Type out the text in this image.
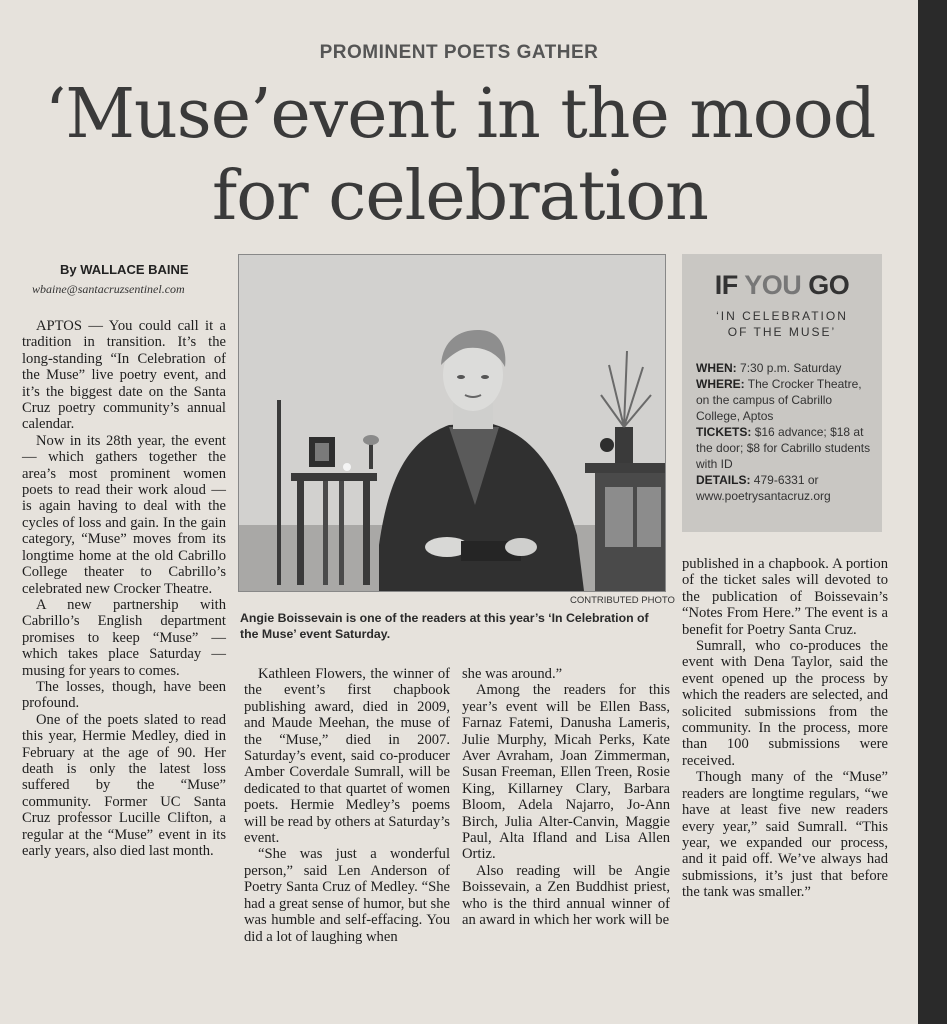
PROMINENT POETS GATHER
‘Muse’event in the mood
for celebration
By WALLACE BAINE
wbaine@santacruzsentinel.com

APTOS — You could call it a tradition in transition. It’s the long-standing “In Celebration of the Muse” live poetry event, and it’s the biggest date on the Santa Cruz poetry community’s annual calendar.

Now in its 28th year, the event — which gathers together the area’s most prominent women poets to read their work aloud — is again having to deal with the cycles of loss and gain. In the gain category, “Muse” moves from its longtime home at the old Cabrillo College theater to Cabrillo’s celebrated new Crocker Theatre.

A new partnership with Cabrillo’s English department promises to keep “Muse” — which takes place Saturday — musing for years to comes.

The losses, though, have been profound.

One of the poets slated to read this year, Hermie Medley, died in February at the age of 90. Her death is only the latest loss suffered by the “Muse” community. Former UC Santa Cruz professor Lucille Clifton, a regular at the “Muse” event in its early years, also died last month.

CONTRIBUTED PHOTO
Angie Boissevain is one of the readers at this year’s ‘In Celebration of the Muse’ event Saturday.

Kathleen Flowers, the winner of the event’s first chapbook publishing award, died in 2009, and Maude Meehan, the muse of the “Muse,” died in 2007. Saturday’s event, said co-producer Amber Coverdale Sumrall, will be dedicated to that quartet of women poets. Hermie Medley’s poems will be read by others at Saturday’s event.

“She was just a wonderful person,” said Len Anderson of Poetry Santa Cruz of Medley. “She had a great sense of humor, but she was humble and self-effacing. You did a lot of laughing when

she was around.”

Among the readers for this year’s event will be Ellen Bass, Farnaz Fatemi, Danusha Lameris, Julie Murphy, Micah Perks, Kate Aver Avraham, Joan Zimmerman, Susan Freeman, Ellen Treen, Rosie King, Killarney Clary, Barbara Bloom, Adela Najarro, Jo-Ann Birch, Julia Alter-Canvin, Maggie Paul, Alta Ifland and Lisa Allen Ortiz.

Also reading will be Angie Boissevain, a Zen Buddhist priest, who is the third annual winner of an award in which her work will be

IF YOU GO
‘IN CELEBRATION
OF THE MUSE’
WHEN: 7:30 p.m. Saturday
WHERE: The Crocker Theatre, on the campus of Cabrillo College, Aptos
TICKETS: $16 advance; $18 at the door; $8 for Cabrillo students with ID
DETAILS: 479-6331 or www.poetrysantacruz.org

published in a chapbook. A portion of the ticket sales will devoted to the publication of Boissevain’s “Notes From Here.” The event is a benefit for Poetry Santa Cruz.

Sumrall, who co-produces the event with Dena Taylor, said the event opened up the process by which the readers are selected, and solicited submissions from the community. In the process, more than 100 submissions were received.

Though many of the “Muse” readers are longtime regulars, “we have at least five new readers every year,” said Sumrall. “This year, we expanded our process, and it paid off. We’ve always had submissions, it’s just that before the tank was smaller.”
